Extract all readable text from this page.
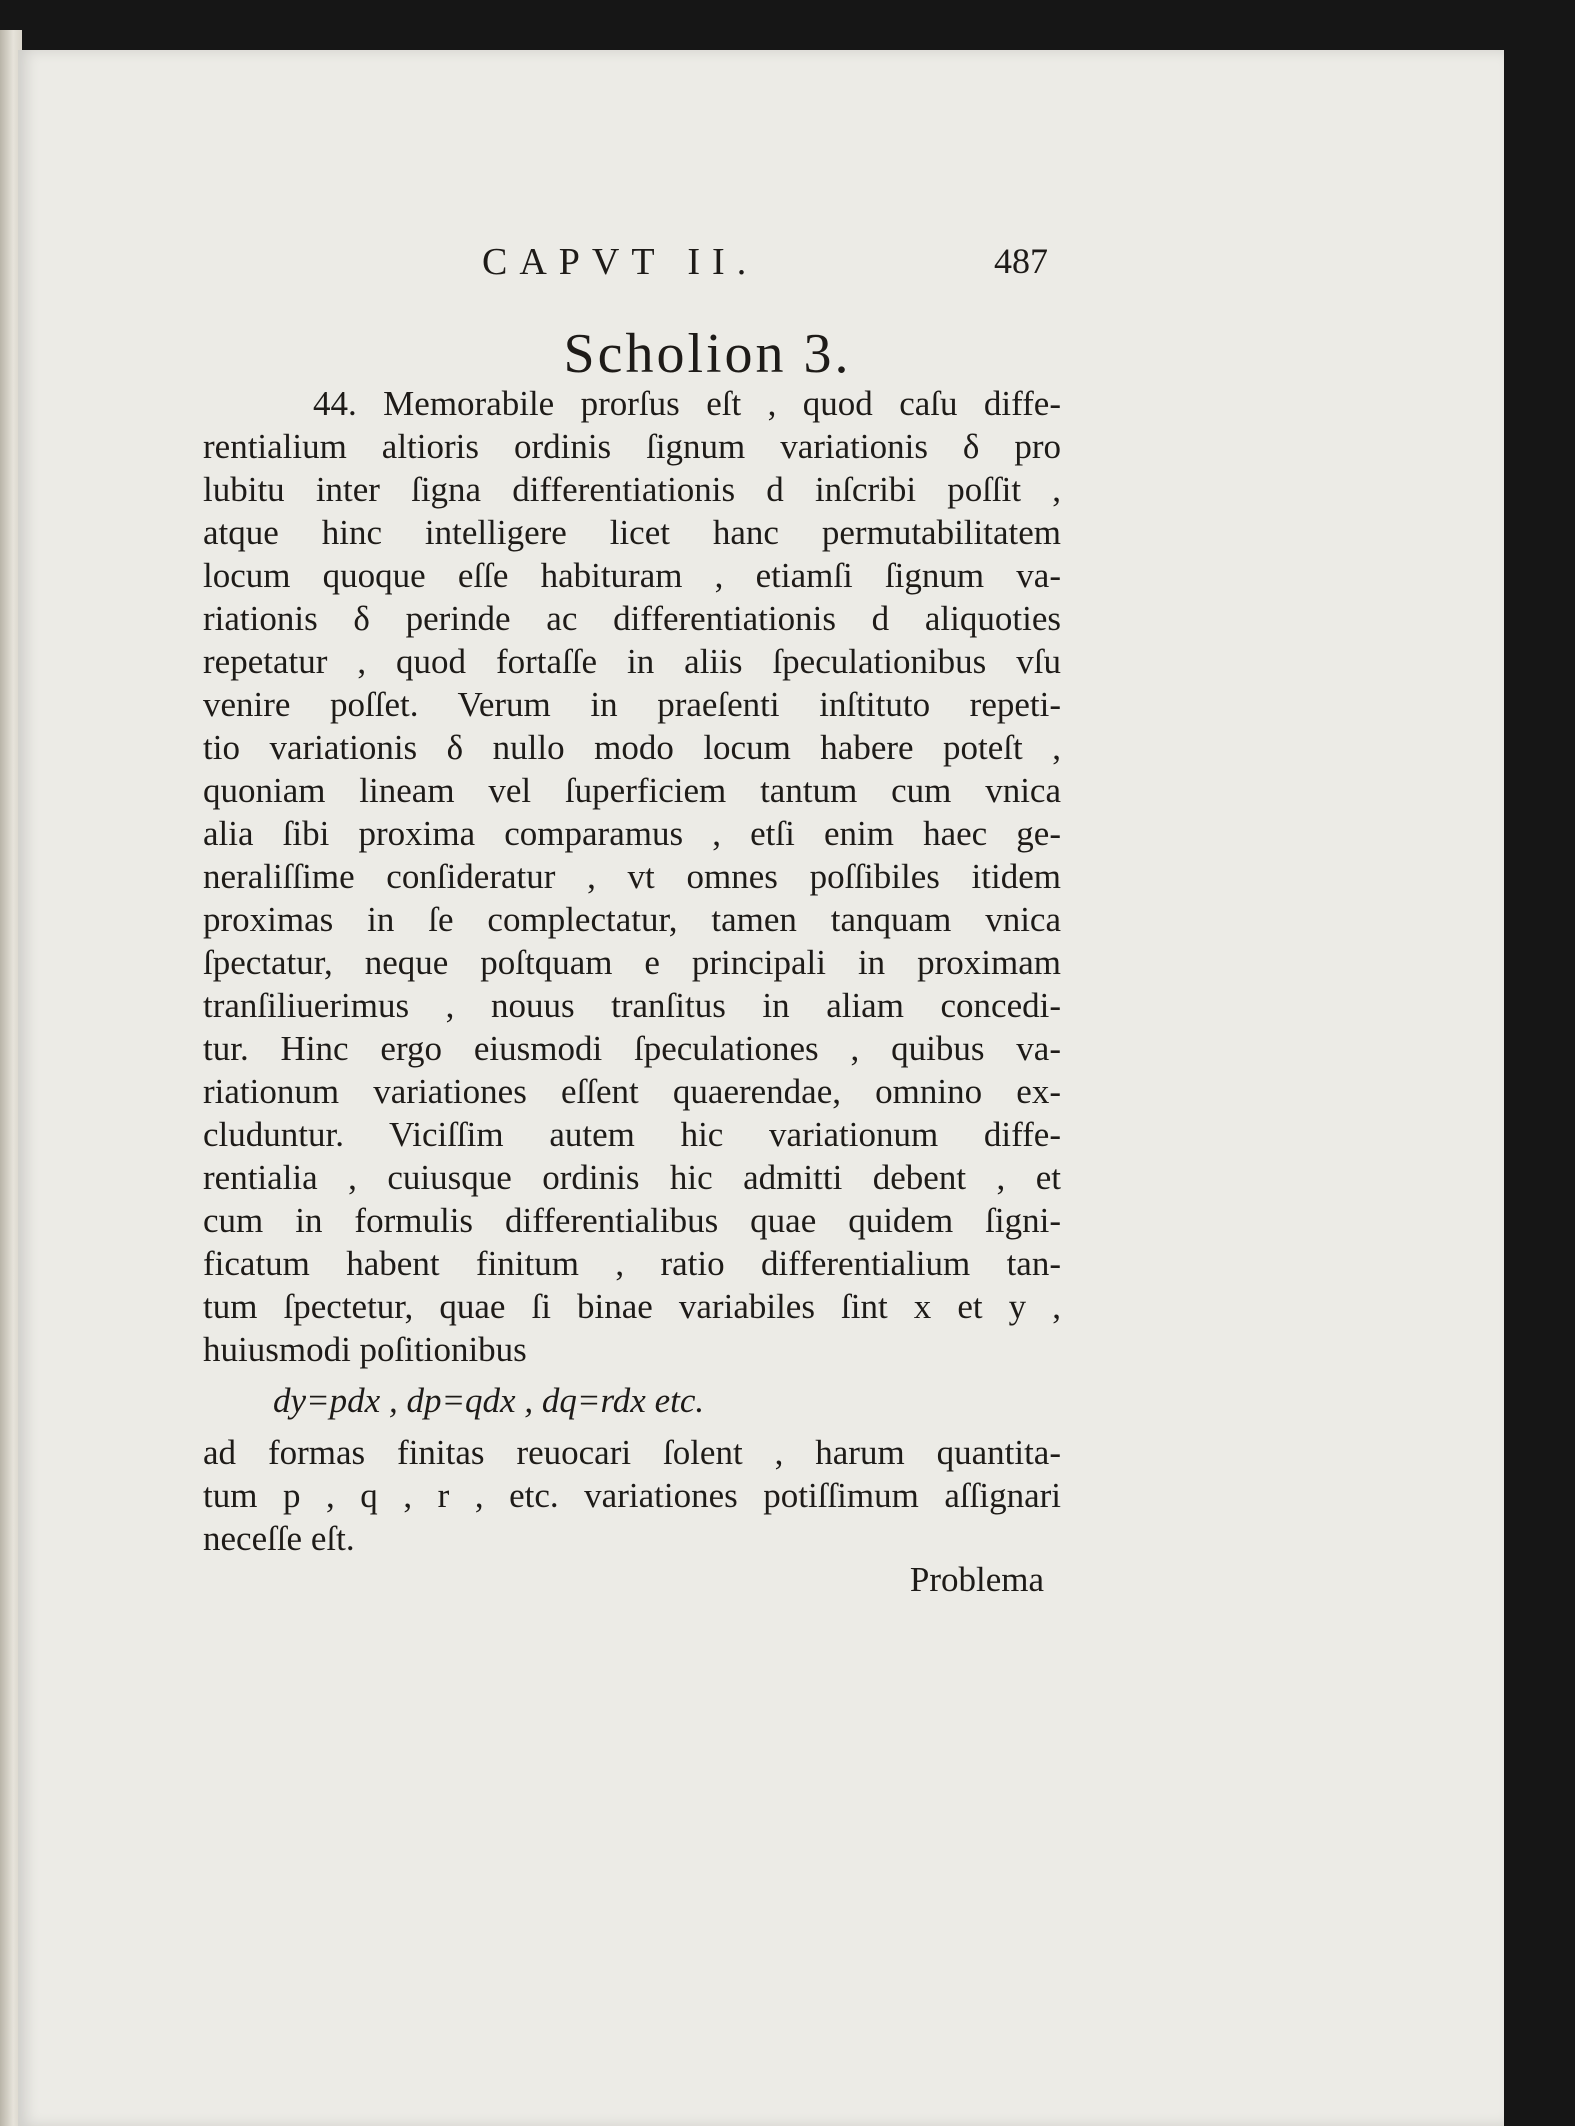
CAPVT II.	487
Scholion 3.
44. Memorabile prorſus eſt , quod caſu diffe-
rentialium altioris ordinis ſignum variationis δ pro
lubitu inter ſigna differentiationis d inſcribi poſſit ,
atque hinc intelligere licet hanc permutabilitatem
locum quoque eſſe habituram , etiamſi ſignum va-
riationis δ perinde ac differentiationis d aliquoties
repetatur , quod fortaſſe in aliis ſpeculationibus vſu
venire poſſet. Verum in praeſenti inſtituto repeti-
tio variationis δ nullo modo locum habere poteſt ,
quoniam lineam vel ſuperficiem tantum cum vnica
alia ſibi proxima comparamus , etſi enim haec ge-
neraliſſime conſideratur , vt omnes poſſibiles itidem
proximas in ſe complectatur, tamen tanquam vnica
ſpectatur, neque poſtquam e principali in proximam
tranſiliuerimus , nouus tranſitus in aliam concedi-
tur. Hinc ergo eiusmodi ſpeculationes , quibus va-
riationum variationes eſſent quaerendae, omnino ex-
cluduntur. Viciſſim autem hic variationum diffe-
rentialia , cuiusque ordinis hic admitti debent , et
cum in formulis differentialibus quae quidem ſigni-
ficatum habent finitum , ratio differentialium tan-
tum ſpectetur, quae ſi binae variabiles ſint x et y ,
huiusmodi poſitionibus
dy=pdx , dp=qdx , dq=rdx etc.
ad formas finitas reuocari ſolent , harum quantita-
tum p , q , r , etc. variationes potiſſimum aſſignari
neceſſe eſt.
Problema
